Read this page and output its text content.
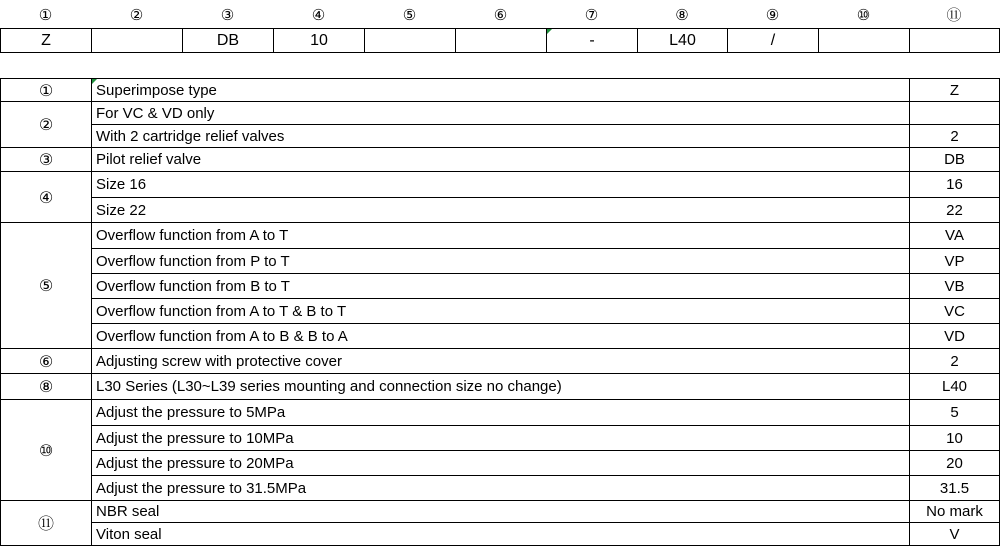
①	②	③	④	⑤	⑥	⑦	⑧	⑨	⑩	⑪
Z		DB	10			-	L40	/		
①	Superimpose type	Z
②	For VC & VD only	
	With 2 cartridge relief valves	2
③	Pilot relief valve	DB
④	Size 16	16
	Size 22	22
⑤	Overflow function from A to T	VA
	Overflow function from P to T	VP
	Overflow function from B to T	VB
	Overflow function from A to T & B to T	VC
	Overflow function from A to B & B to A	VD
⑥	Adjusting screw with protective cover	2
⑧	L30 Series (L30~L39 series mounting and connection size no change)	L40
⑩	Adjust the pressure to 5MPa	5
	Adjust the pressure to 10MPa	10
	Adjust the pressure to 20MPa	20
	Adjust the pressure to 31.5MPa	31.5
⑪	NBR seal	No mark
	Viton seal	V
